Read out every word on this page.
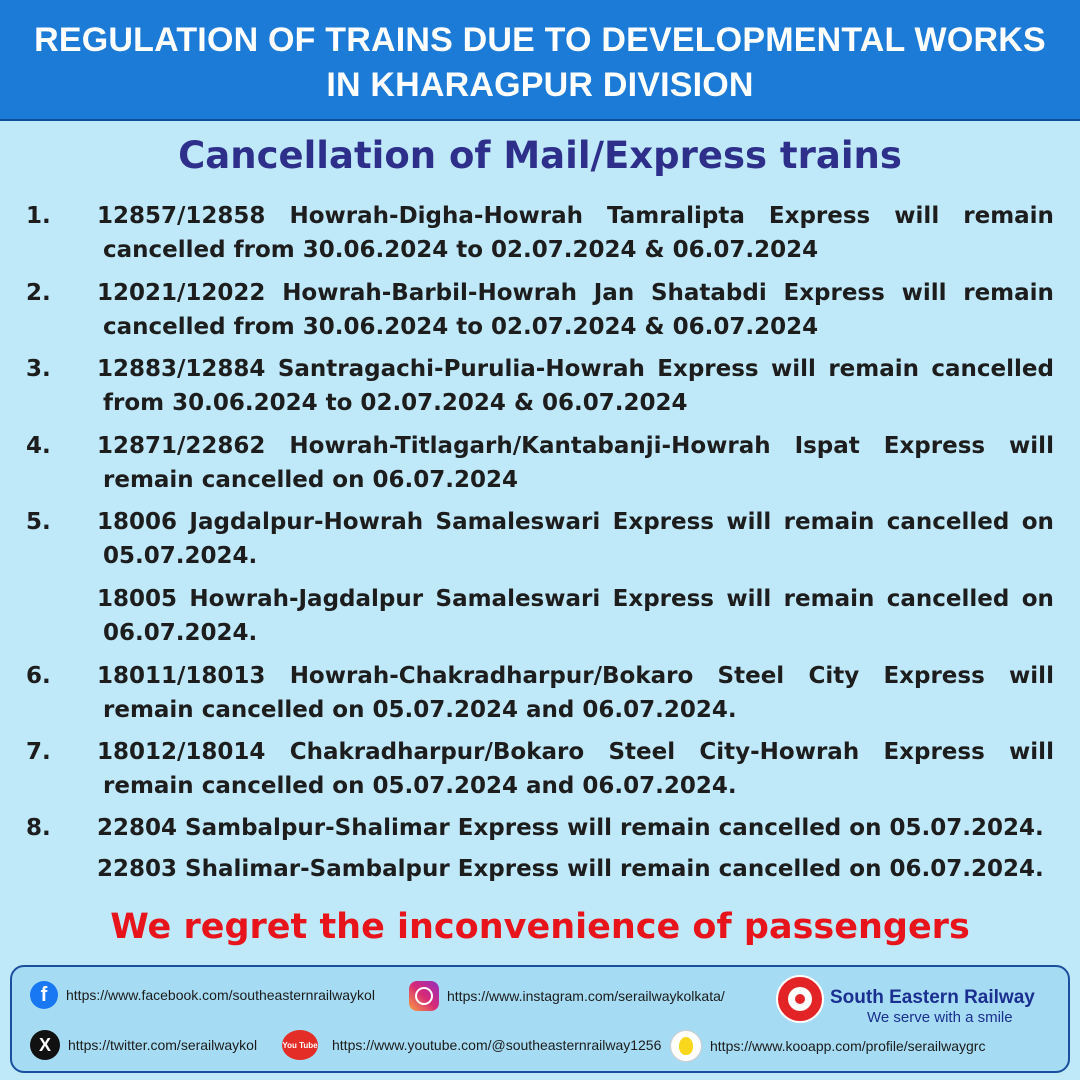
REGULATION OF TRAINS DUE TO DEVELOPMENTAL WORKS
IN KHARAGPUR DIVISION
Cancellation of Mail/Express trains
1. 12857/12858 Howrah-Digha-Howrah Tamralipta Express will remain
cancelled from 30.06.2024 to 02.07.2024 & 06.07.2024
2. 12021/12022 Howrah-Barbil-Howrah Jan Shatabdi Express will remain
cancelled from 30.06.2024 to 02.07.2024 & 06.07.2024
3. 12883/12884 Santragachi-Purulia-Howrah Express will remain cancelled
from 30.06.2024 to 02.07.2024 & 06.07.2024
4. 12871/22862 Howrah-Titlagarh/Kantabanji-Howrah Ispat Express will
remain cancelled on 06.07.2024
5. 18006 Jagdalpur-Howrah Samaleswari Express will remain cancelled on
05.07.2024.
18005 Howrah-Jagdalpur Samaleswari Express will remain cancelled on
06.07.2024.
6. 18011/18013 Howrah-Chakradharpur/Bokaro Steel City Express will
remain cancelled on 05.07.2024 and 06.07.2024.
7. 18012/18014 Chakradharpur/Bokaro Steel City-Howrah Express will
remain cancelled on 05.07.2024 and 06.07.2024.
8. 22804 Sambalpur-Shalimar Express will remain cancelled on 05.07.2024.
22803 Shalimar-Sambalpur Express will remain cancelled on 06.07.2024.
We regret the inconvenience of passengers
f	https://www.facebook.com/southeasternrailwaykol	https://www.instagram.com/serailwaykolkata/	South Eastern Railway
We serve with a smile
X	https://twitter.com/serailwaykol	You Tube https://www.youtube.com/@southeasternrailway1256	https://www.kooapp.com/profile/serailwaygrc
